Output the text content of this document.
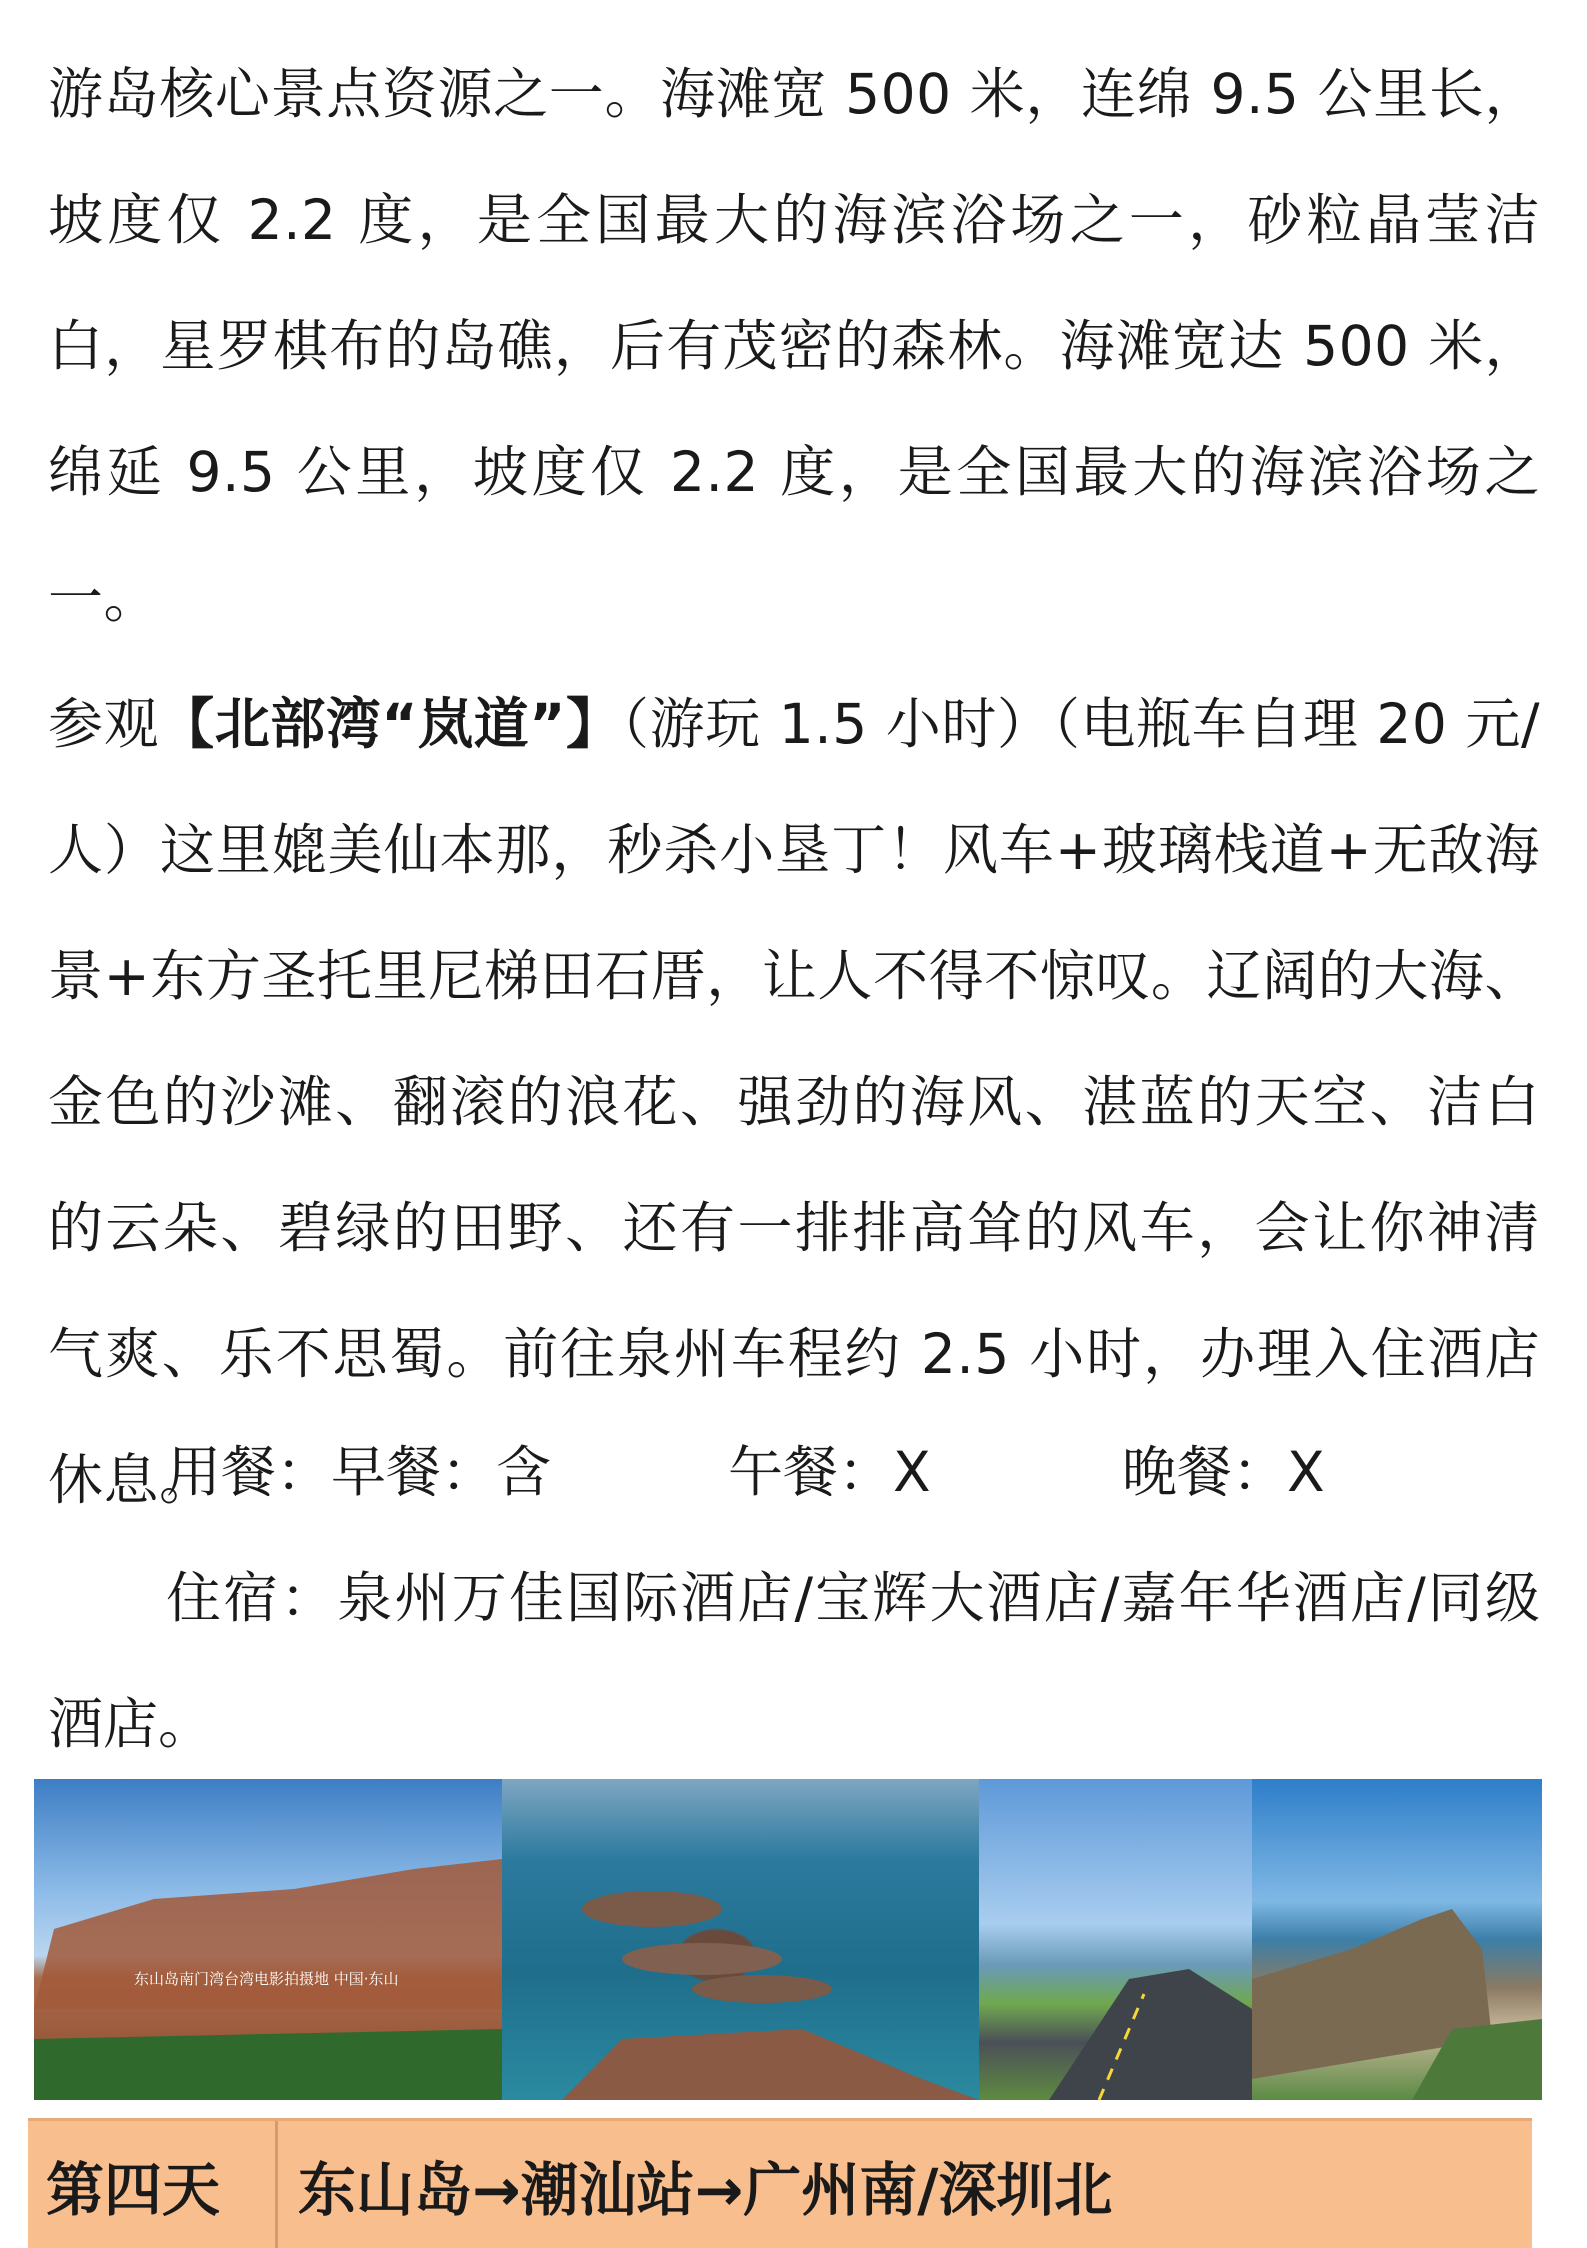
游岛核心景点资源之一。海滩宽 500 米，连绵 9.5 公里长，坡度仅 2.2 度，是全国最大的海滨浴场之一，砂粒晶莹洁白，星罗棋布的岛礁，后有茂密的森林。海滩宽达 500 米，绵延 9.5 公里，坡度仅 2.2 度，是全国最大的海滨浴场之一。
参观【北部湾“岚道”】（游玩 1.5 小时）（电瓶车自理 20 元/人）这里媲美仙本那，秒杀小垦丁！风车+玻璃栈道+无敌海景+东方圣托里尼梯田石厝，让人不得不惊叹。辽阔的大海、金色的沙滩、翻滚的浪花、强劲的海风、湛蓝的天空、洁白的云朵、碧绿的田野、还有一排排高耸的风车，会让你神清气爽、乐不思蜀。前往泉州车程约 2.5 小时，办理入住酒店休息。

用餐：早餐：含	午餐：X	晚餐：X

住宿：泉州万佳国际酒店/宝辉大酒店/嘉年华酒店/同级酒店。

东山岛南门湾台湾电影拍摄地 中国·东山
第四天	东山岛→潮汕站→广州南/深圳北
